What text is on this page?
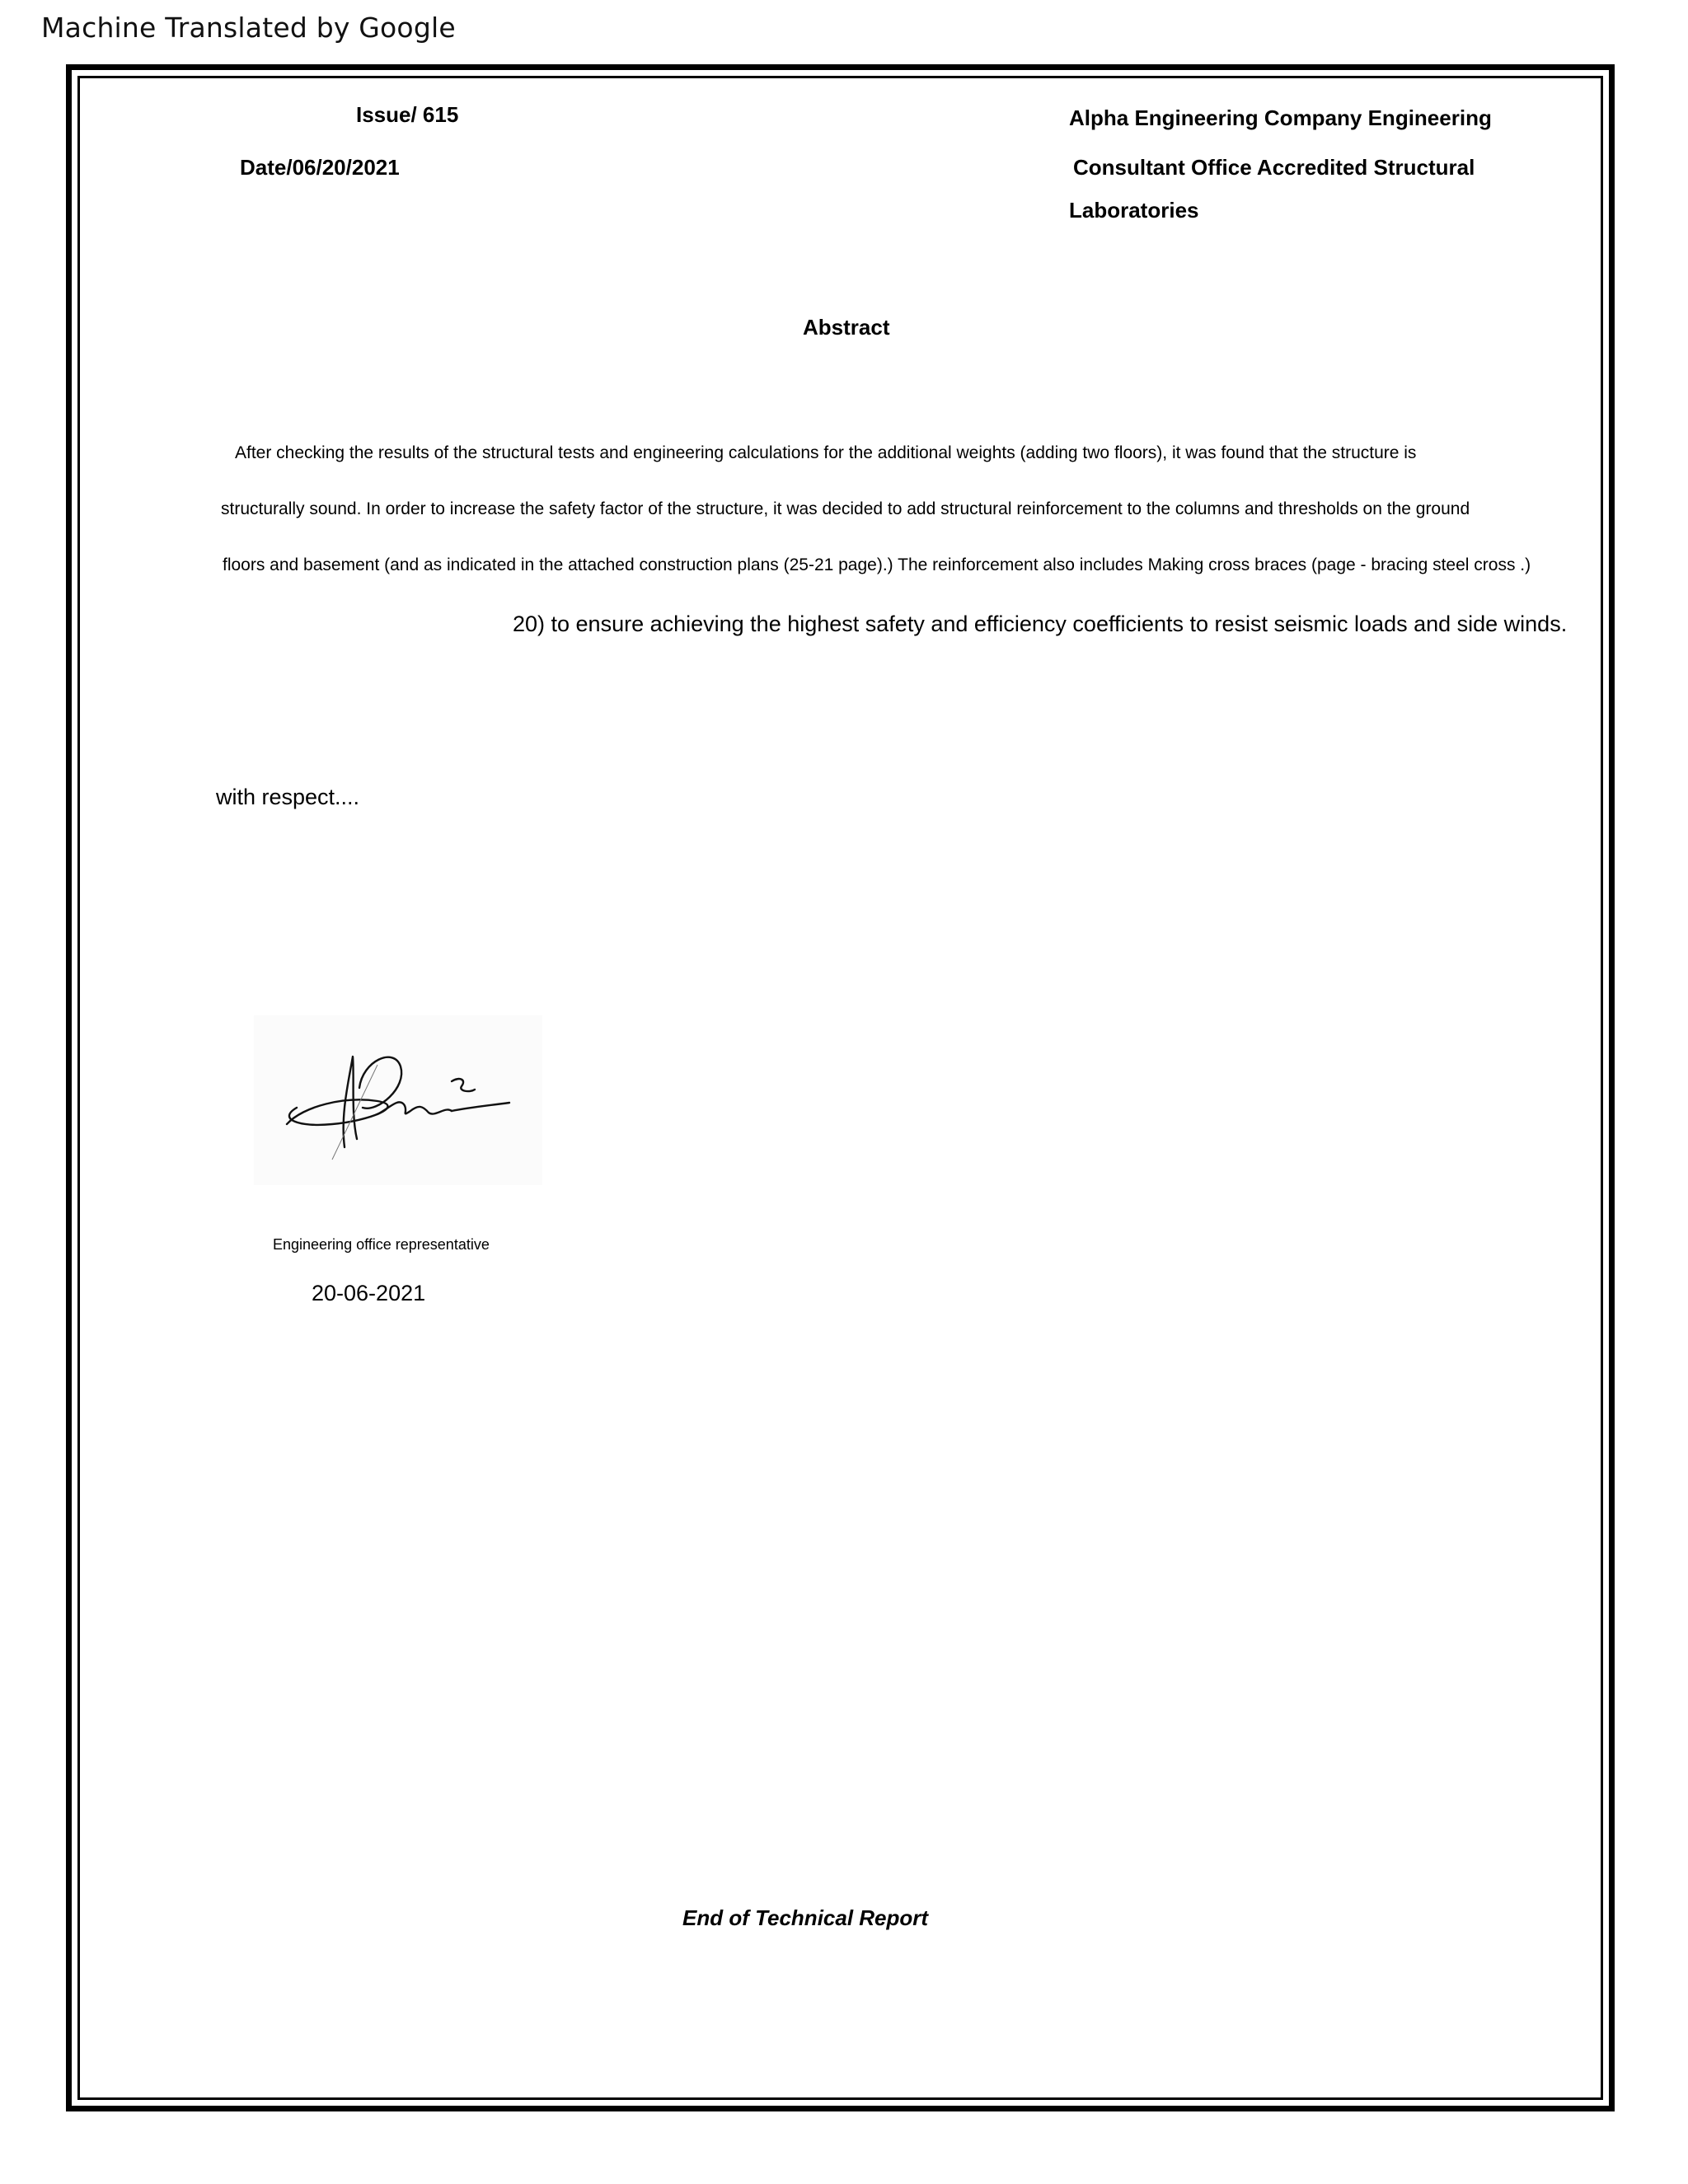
Machine Translated by Google
Issue/ 615
Date/06/20/2021
Alpha Engineering Company Engineering
Consultant Office Accredited Structural
Laboratories
Abstract
After checking the results of the structural tests and engineering calculations for the additional weights (adding two floors), it was found that the structure is
structurally sound. In order to increase the safety factor of the structure, it was decided to add structural reinforcement to the columns and thresholds on the ground
floors and basement (and as indicated in the attached construction plans (25-21 page).) The reinforcement also includes Making cross braces (page - bracing steel cross .)
20) to ensure achieving the highest safety and efficiency coefficients to resist seismic loads and side winds.
with respect....
Engineering office representative
20-06-2021
End of Technical Report
